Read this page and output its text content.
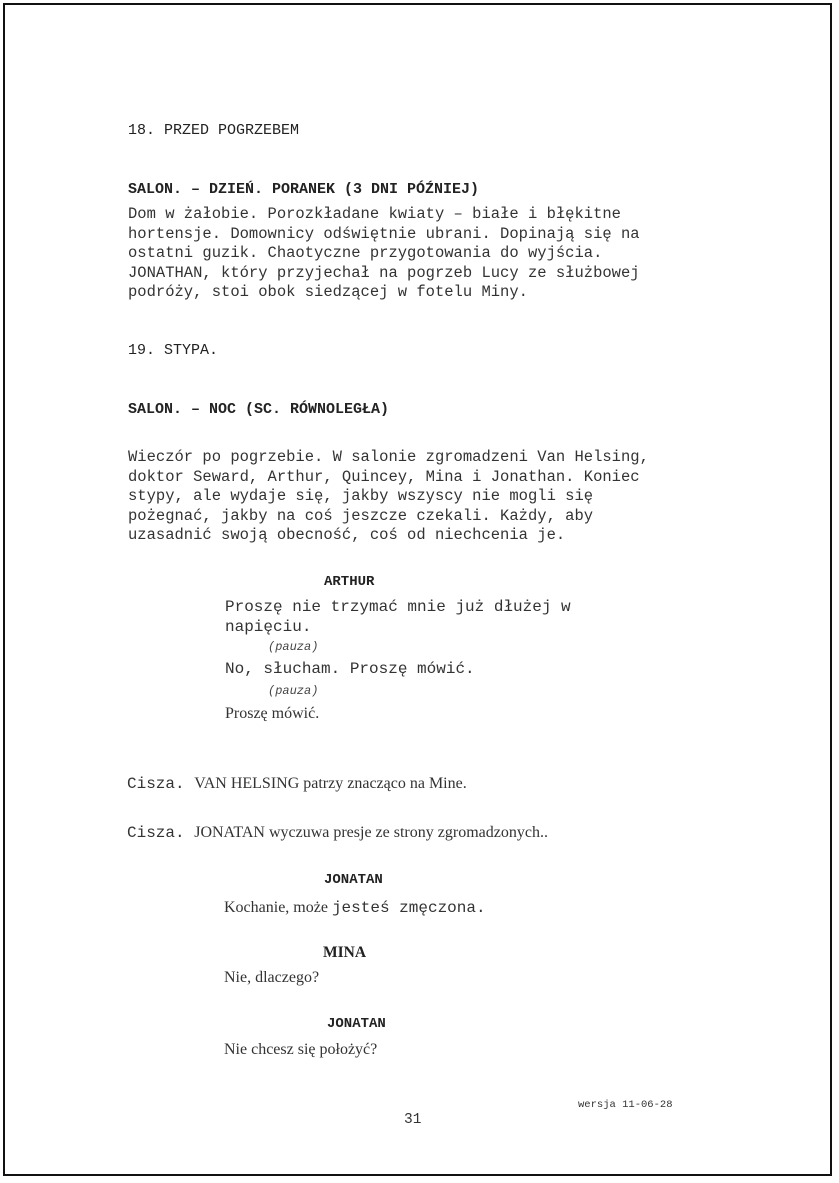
18. PRZED POGRZEBEM

SALON. – DZIEŃ. PORANEK (3 DNI PÓŹNIEJ)

Dom w żałobie. Porozkładane kwiaty – białe i błękitne
hortensje. Domownicy odświętnie ubrani. Dopinają się na
ostatni guzik. Chaotyczne przygotowania do wyjścia.
JONATHAN, który przyjechał na pogrzeb Lucy ze służbowej
podróży, stoi obok siedzącej w fotelu Miny.

19. STYPA.

SALON. – NOC (SC. RÓWNOLEGŁA)

Wieczór po pogrzebie. W salonie zgromadzeni Van Helsing,
doktor Seward, Arthur, Quincey, Mina i Jonathan. Koniec
stypy, ale wydaje się, jakby wszyscy nie mogli się
pożegnać, jakby na coś jeszcze czekali. Każdy, aby
uzasadnić swoją obecność, coś od niechcenia je.

ARTHUR

Proszę nie trzymać mnie już dłużej w
napięciu.

(pauza)

No, słucham. Proszę mówić.

(pauza)

Proszę mówić.

Cisza. VAN HELSING patrzy znacząco na Mine.

Cisza. JONATAN wyczuwa presje ze strony zgromadzonych..

JONATAN

Kochanie, może jesteś zmęczona.

MINA

Nie, dlaczego?

JONATAN

Nie chcesz się położyć?

wersja 11-06-28

31
